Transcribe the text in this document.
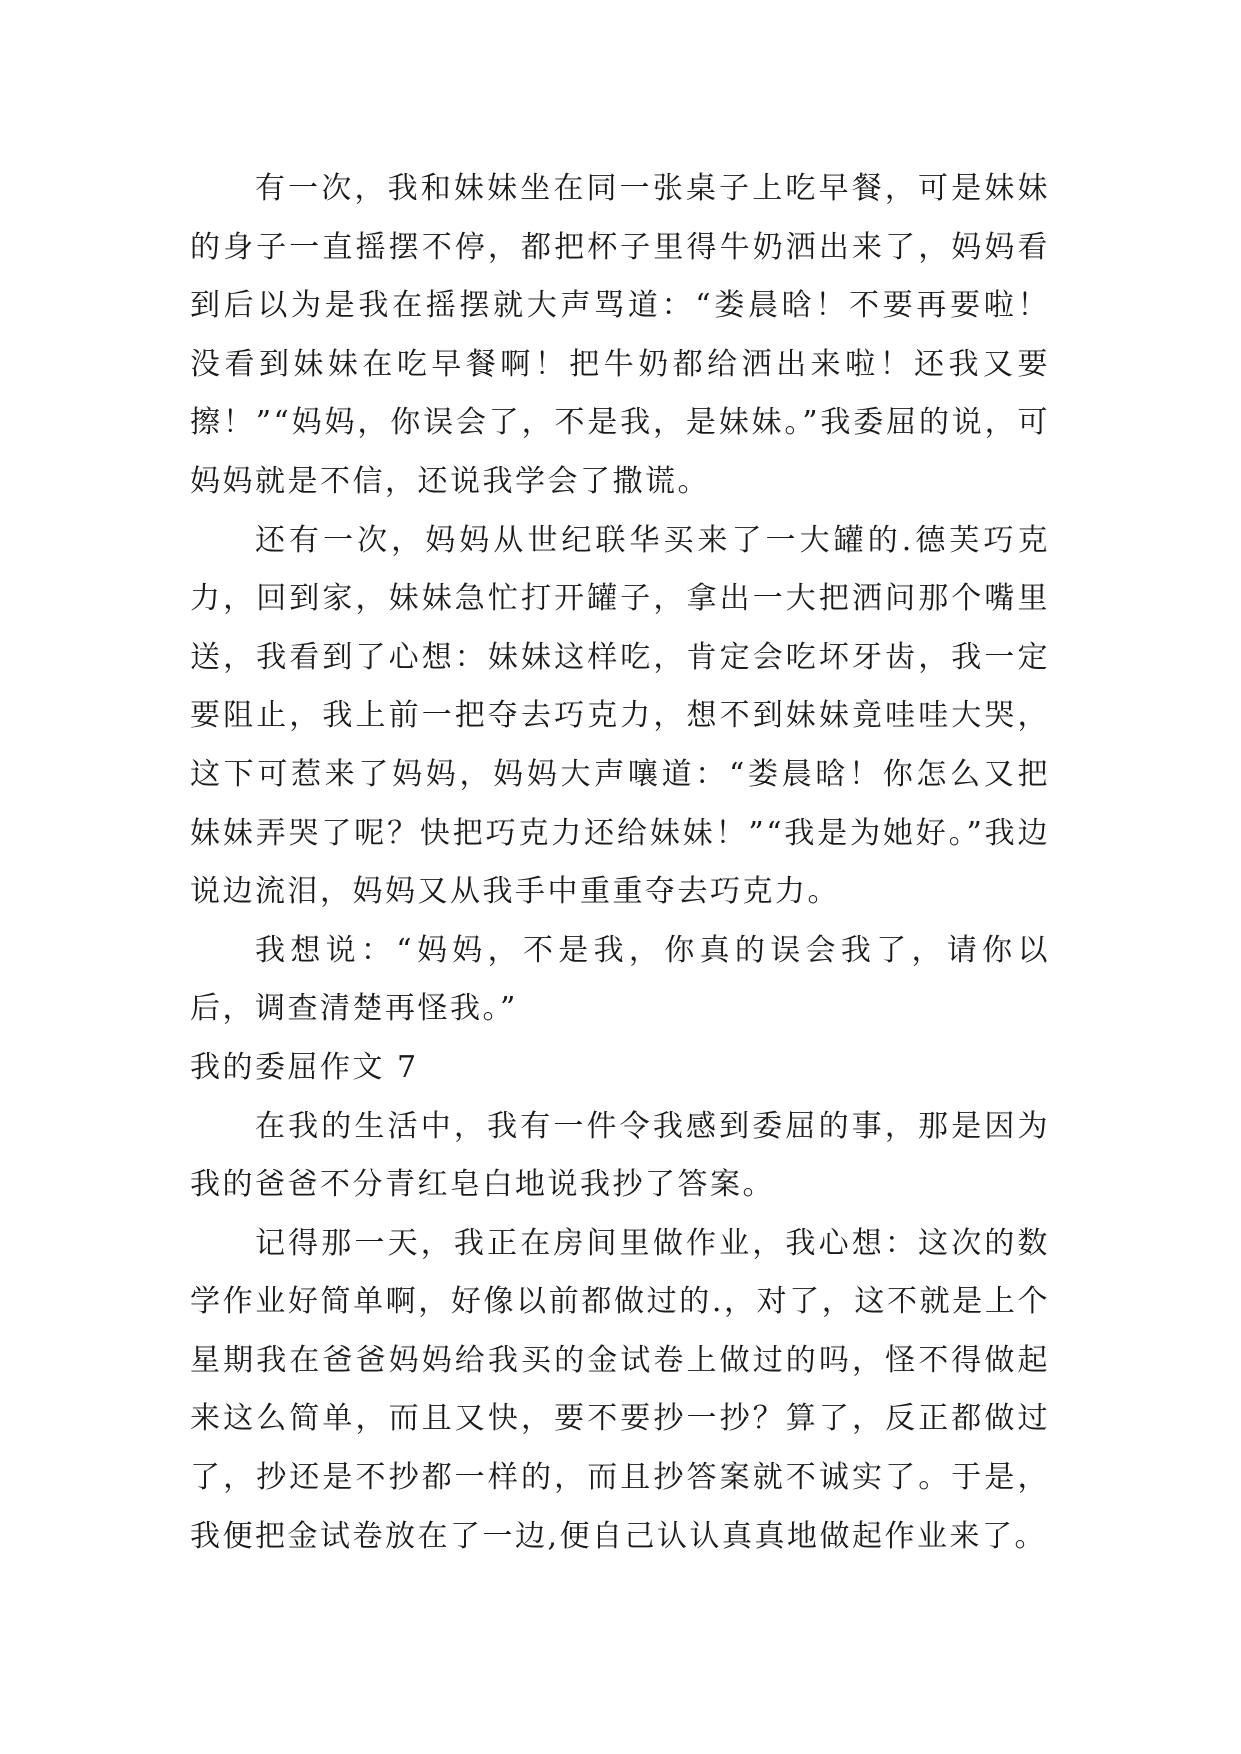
有一次，我和妹妹坐在同一张桌子上吃早餐，可是妹妹的身子一直摇摆不停，都把杯子里得牛奶洒出来了，妈妈看到后以为是我在摇摆就大声骂道：“娄晨晗！不要再要啦！没看到妹妹在吃早餐啊！把牛奶都给洒出来啦！还我又要擦！”“妈妈，你误会了，不是我，是妹妹。”我委屈的说，可妈妈就是不信，还说我学会了撒谎。

还有一次，妈妈从世纪联华买来了一大罐的.德芙巧克力，回到家，妹妹急忙打开罐子，拿出一大把洒问那个嘴里送，我看到了心想：妹妹这样吃，肯定会吃坏牙齿，我一定要阻止，我上前一把夺去巧克力，想不到妹妹竟哇哇大哭，这下可惹来了妈妈，妈妈大声嚷道：“娄晨晗！你怎么又把妹妹弄哭了呢？快把巧克力还给妹妹！”“我是为她好。”我边说边流泪，妈妈又从我手中重重夺去巧克力。

我想说：“妈妈，不是我，你真的误会我了，请你以后，调查清楚再怪我。”

我的委屈作文 7

在我的生活中，我有一件令我感到委屈的事，那是因为我的爸爸不分青红皂白地说我抄了答案。

记得那一天，我正在房间里做作业，我心想：这次的数学作业好简单啊，好像以前都做过的.，对了，这不就是上个星期我在爸爸妈妈给我买的金试卷上做过的吗，怪不得做起来这么简单，而且又快，要不要抄一抄？算了，反正都做过了，抄还是不抄都一样的，而且抄答案就不诚实了。于是，我便把金试卷放在了一边,便自己认认真真地做起作业来了。
